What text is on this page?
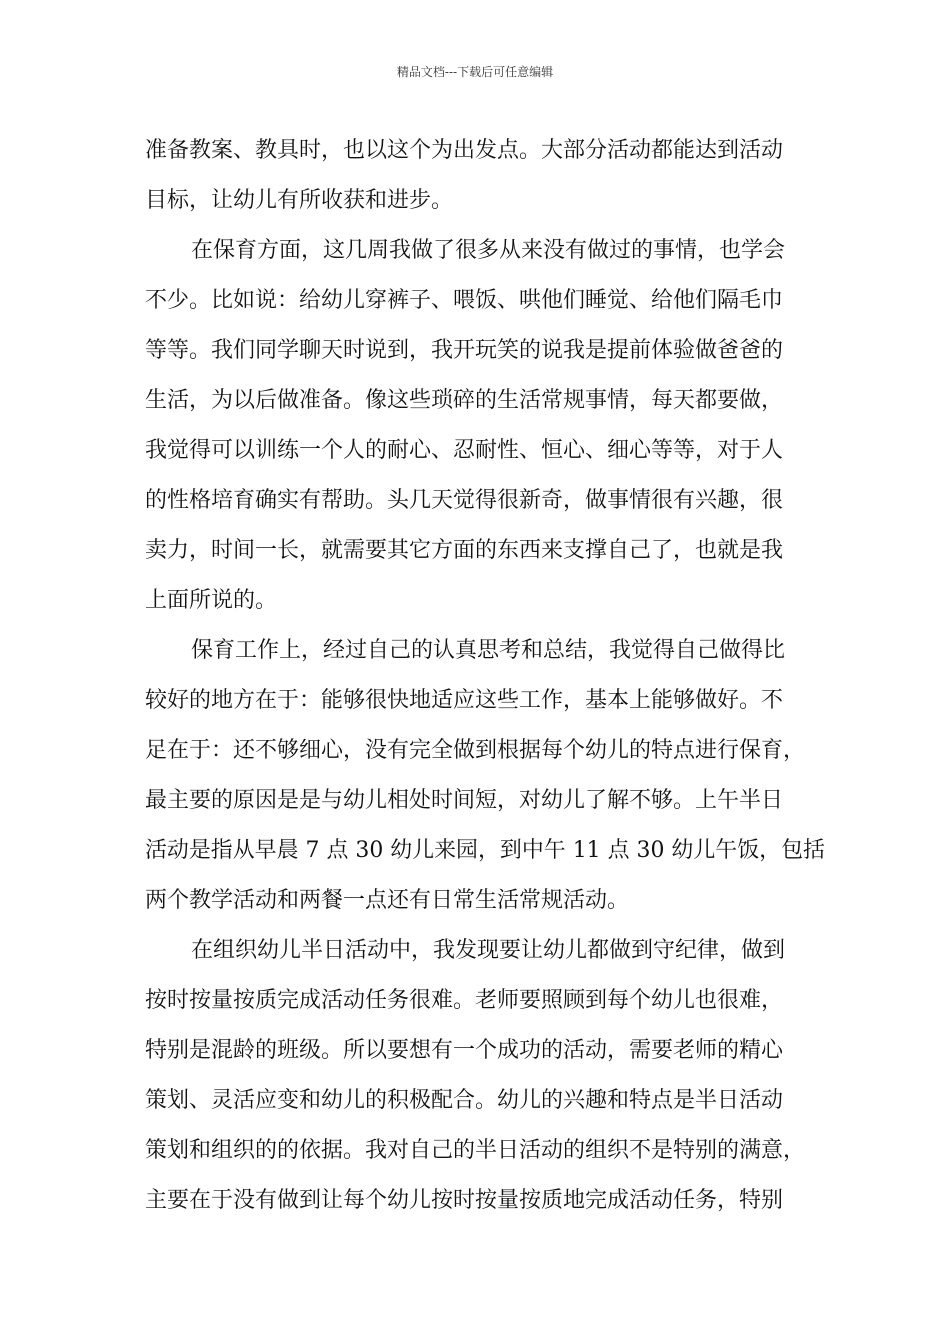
精品文档---下载后可任意编辑
准备教案、教具时，也以这个为出发点。大部分活动都能达到活动
目标，让幼儿有所收获和进步。
在保育方面，这几周我做了很多从来没有做过的事情，也学会
不少。比如说：给幼儿穿裤子、喂饭、哄他们睡觉、给他们隔毛巾
等等。我们同学聊天时说到，我开玩笑的说我是提前体验做爸爸的
生活，为以后做准备。像这些琐碎的生活常规事情，每天都要做，
我觉得可以训练一个人的耐心、忍耐性、恒心、细心等等，对于人
的性格培育确实有帮助。头几天觉得很新奇，做事情很有兴趣，很
卖力，时间一长，就需要其它方面的东西来支撑自己了，也就是我
上面所说的。
保育工作上，经过自己的认真思考和总结，我觉得自己做得比
较好的地方在于：能够很快地适应这些工作，基本上能够做好。不
足在于：还不够细心，没有完全做到根据每个幼儿的特点进行保育，
最主要的原因是是与幼儿相处时间短，对幼儿了解不够。上午半日
活动是指从早晨 7 点 30 幼儿来园，到中午 11 点 30 幼儿午饭，包括
两个教学活动和两餐一点还有日常生活常规活动。
在组织幼儿半日活动中，我发现要让幼儿都做到守纪律，做到
按时按量按质完成活动任务很难。老师要照顾到每个幼儿也很难，
特别是混龄的班级。所以要想有一个成功的活动，需要老师的精心
策划、灵活应变和幼儿的积极配合。幼儿的兴趣和特点是半日活动
策划和组织的的依据。我对自己的半日活动的组织不是特别的满意，
主要在于没有做到让每个幼儿按时按量按质地完成活动任务，特别
